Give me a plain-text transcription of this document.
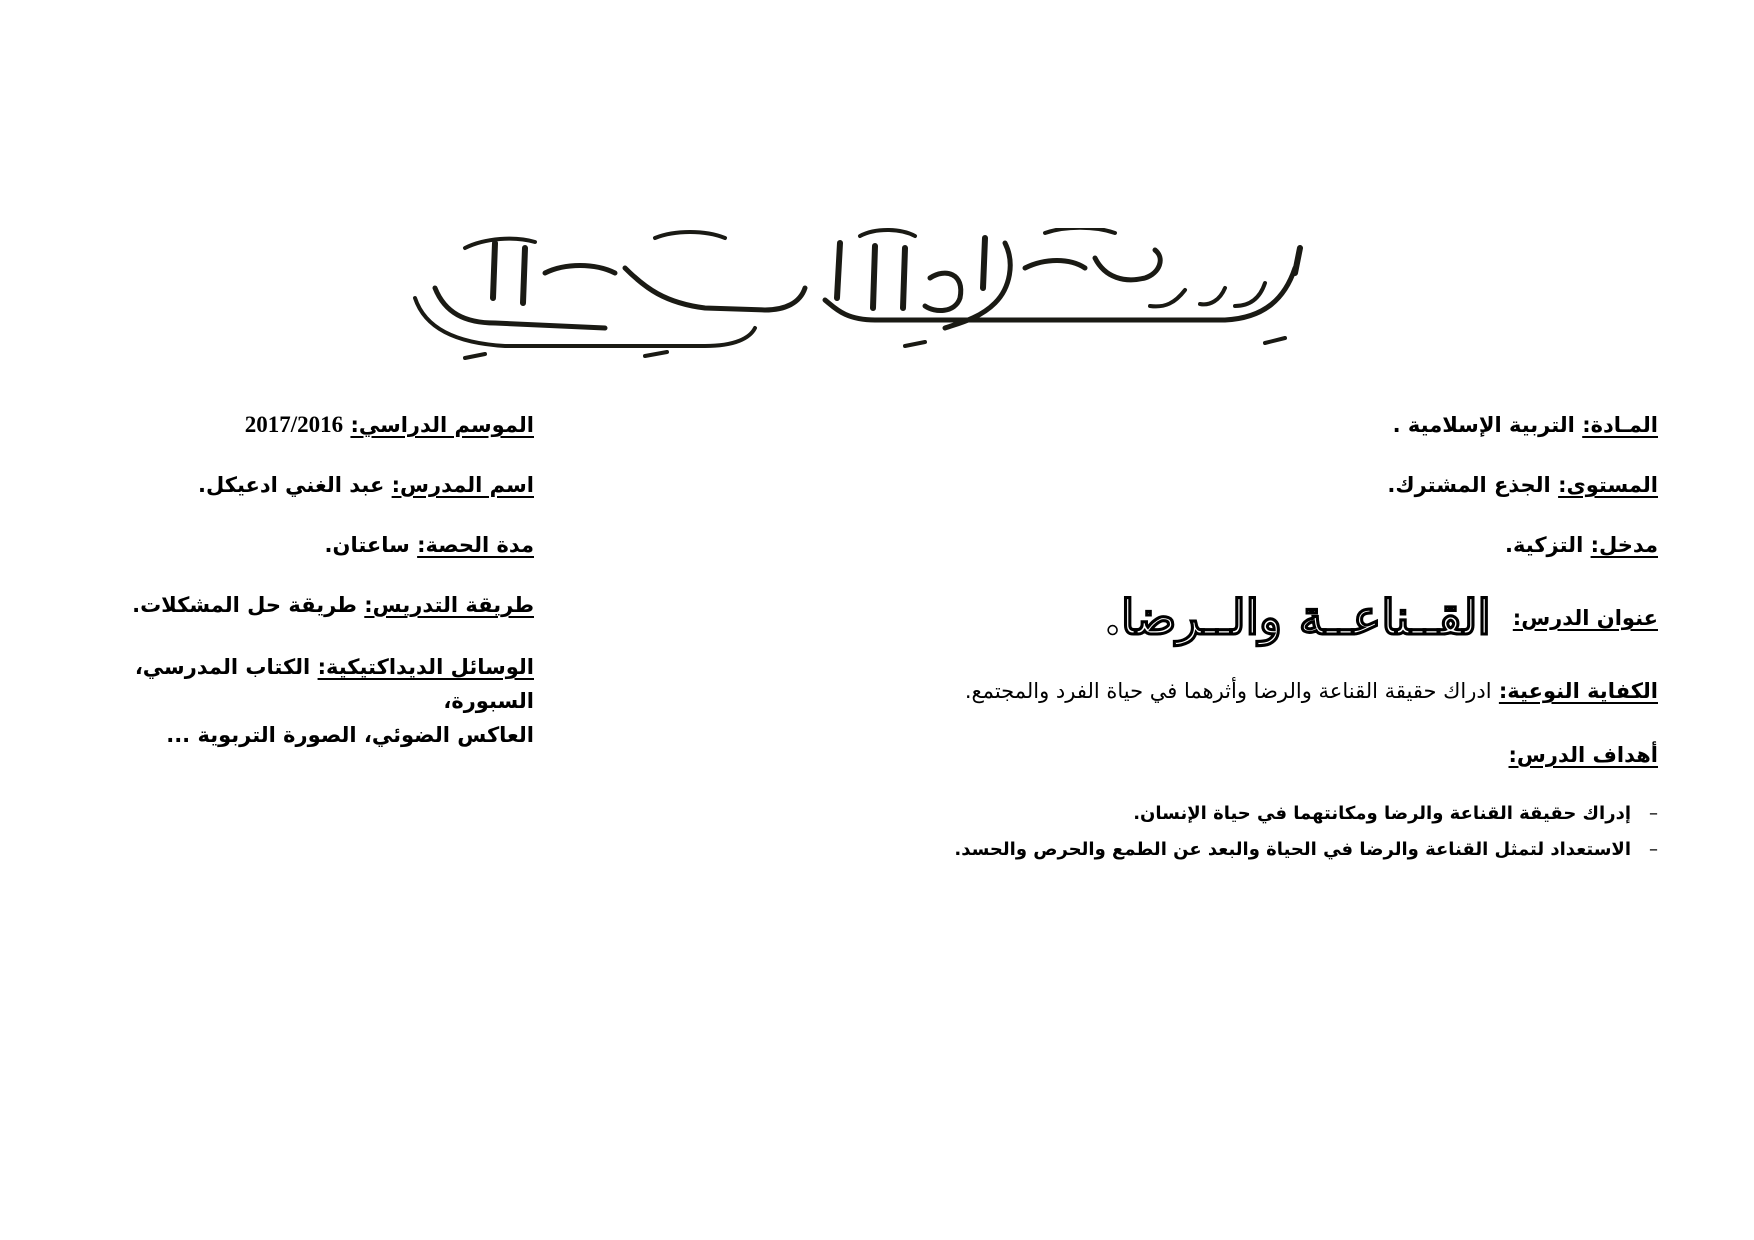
المـادة: التربية الإسلامية .
المستوى: الجذع المشترك.
مدخل: التزكية.
عنوان الدرس:
القــناعــة والــرضا.
الكفاية النوعية: ادراك حقيقة القناعة والرضا وأثرهما في حياة الفرد والمجتمع.
أهداف الدرس:
–إدراك حقيقة القناعة والرضا ومكانتهما في حياة الإنسان.
–الاستعداد لتمثل القناعة والرضا في الحياة والبعد عن الطمع والحرص والحسد.
الموسم الدراسي: 2017/2016
اسم المدرس: عبد الغني ادعيكل.
مدة الحصة: ساعتان.
طريقة التدريس: طريقة حل المشكلات.
الوسائل الديداكتيكية: الكتاب المدرسي، السبورة،
العاكس الضوئي، الصورة التربوية ...
